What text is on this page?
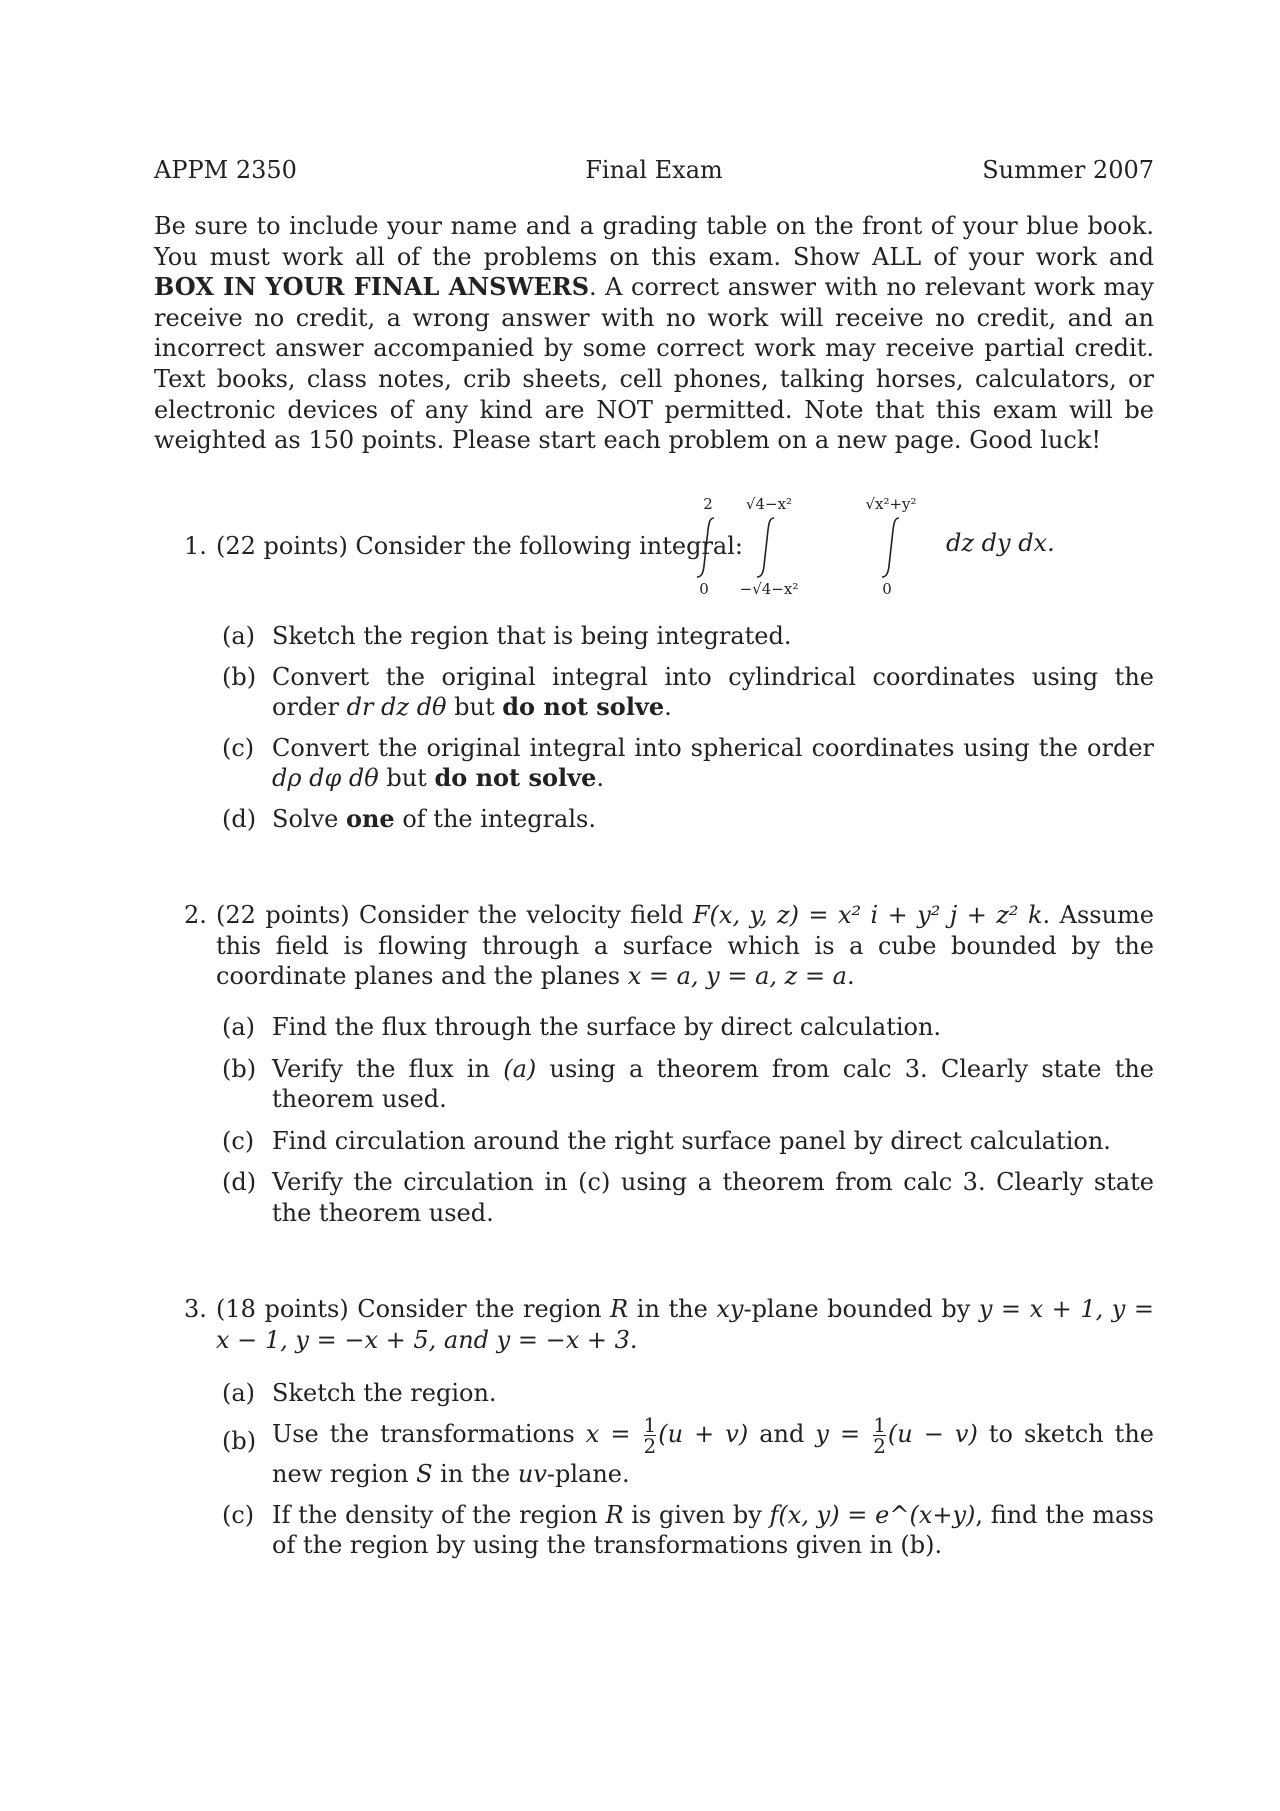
APPM 2350	Final Exam	Summer 2007

Be sure to include your name and a grading table on the front of your blue book. You must work all of the problems on this exam. Show ALL of your work and BOX IN YOUR FINAL ANSWERS. A correct answer with no relevant work may receive no credit, a wrong answer with no work will receive no credit, and an incorrect answer accompanied by some correct work may receive partial credit. Text books, class notes, crib sheets, cell phones, talking horses, calculators, or electronic devices of any kind are NOT permitted. Note that this exam will be weighted as 150 points. Please start each problem on a new page. Good luck!

1. (22 points) Consider the following integral:

2
0
√4−x²
−√4−x²
√x²+y²
0
dz dy dx.

(a) Sketch the region that is being integrated.

(b) Convert the original integral into cylindrical coordinates using the order dr dz dθ but do not solve.

(c) Convert the original integral into spherical coordinates using the order dρ dφ dθ but do not solve.

(d) Solve one of the integrals.

2. (22 points) Consider the velocity field F(x, y, z) = x² i + y² j + z² k. Assume this field is flowing through a surface which is a cube bounded by the coordinate planes and the planes x = a, y = a, z = a.

(a) Find the flux through the surface by direct calculation.

(b) Verify the flux in (a) using a theorem from calc 3. Clearly state the theorem used.

(c) Find circulation around the right surface panel by direct calculation.

(d) Verify the circulation in (c) using a theorem from calc 3. Clearly state the theorem used.

3. (18 points) Consider the region R in the xy-plane bounded by y = x + 1, y = x − 1, y = −x + 5, and y = −x + 3.

(a) Sketch the region.

(b) Use the transformations $x = \frac{1}{2} (u + v)$ and $y = \frac{1}{2} (u - v)$ to sketch the new region S in the uv-plane.

(c) If the density of the region R is given by f(x, y) = e^(x+y), find the mass of the region by using the transformations given in (b).
